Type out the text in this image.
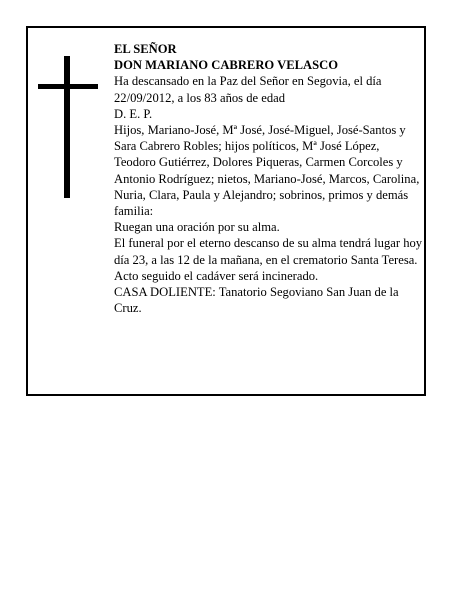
EL SEÑOR

DON MARIANO CABRERO VELASCO

Ha descansado en la Paz del Señor en Segovia, el día 22/09/2012, a los 83 años de edad

D. E. P.

Hijos, Mariano-José, Mª José, José-Miguel, José-Santos y Sara Cabrero Robles; hijos políticos, Mª José López, Teodoro Gutiérrez, Dolores Piqueras, Carmen Corcoles y Antonio Rodríguez; nietos, Mariano-José, Marcos, Carolina, Nuria, Clara, Paula y Alejandro; sobrinos, primos y demás familia:

Ruegan una oración por su alma.

El funeral por el eterno descanso de su alma tendrá lugar hoy día 23, a las 12 de la mañana, en el crematorio Santa Teresa. Acto seguido el cadáver será incinerado.

CASA DOLIENTE: Tanatorio Segoviano San Juan de la Cruz.
